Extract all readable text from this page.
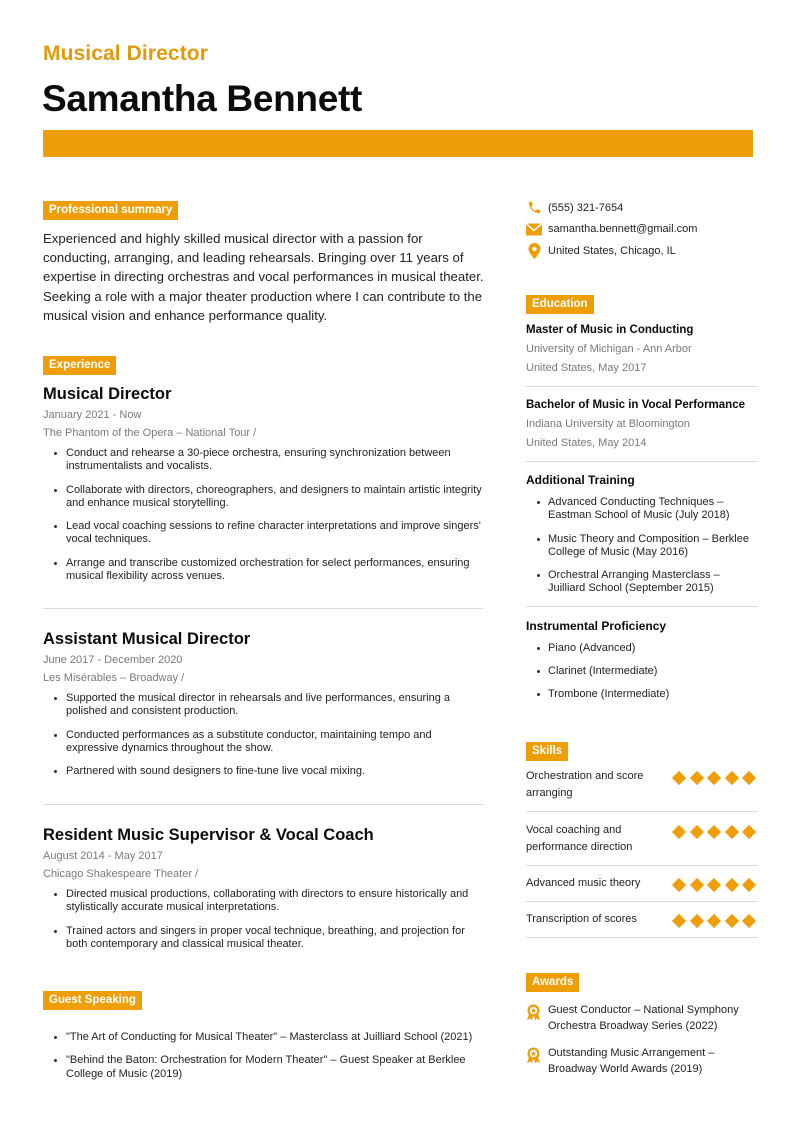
Musical Director
Samantha Bennett
Professional summary

Experienced and highly skilled musical director with a passion for conducting, arranging, and leading rehearsals. Bringing over 11 years of expertise in directing orchestras and vocal performances in musical theater. Seeking a role with a major theater production where I can contribute to the musical vision and enhance performance quality.

Experience
Musical Director
January 2021 - Now
The Phantom of the Opera – National Tour /
Conduct and rehearse a 30-piece orchestra, ensuring synchronization between instrumentalists and vocalists.
Collaborate with directors, choreographers, and designers to maintain artistic integrity and enhance musical storytelling.
Lead vocal coaching sessions to refine character interpretations and improve singers' vocal techniques.
Arrange and transcribe customized orchestration for select performances, ensuring musical flexibility across venues.
Assistant Musical Director
June 2017 - December 2020
Les Misérables – Broadway /
Supported the musical director in rehearsals and live performances, ensuring a polished and consistent production.
Conducted performances as a substitute conductor, maintaining tempo and expressive dynamics throughout the show.
Partnered with sound designers to fine-tune live vocal mixing.
Resident Music Supervisor & Vocal Coach
August 2014 - May 2017
Chicago Shakespeare Theater /
Directed musical productions, collaborating with directors to ensure historically and stylistically accurate musical interpretations.
Trained actors and singers in proper vocal technique, breathing, and projection for both contemporary and classical musical theater.
Guest Speaking
"The Art of Conducting for Musical Theater" – Masterclass at Juilliard School (2021)
"Behind the Baton: Orchestration for Modern Theater" – Guest Speaker at Berklee College of Music (2019)
(555) 321-7654
samantha.bennett@gmail.com
United States, Chicago, IL
Education
Master of Music in Conducting
University of Michigan - Ann Arbor
United States, May 2017
Bachelor of Music in Vocal Performance
Indiana University at Bloomington
United States, May 2014
Additional Training
Advanced Conducting Techniques – Eastman School of Music (July 2018)
Music Theory and Composition – Berklee College of Music (May 2016)
Orchestral Arranging Masterclass – Juilliard School (September 2015)
Instrumental Proficiency
Piano (Advanced)
Clarinet (Intermediate)
Trombone (Intermediate)
Skills
Orchestration and score arranging
Vocal coaching and performance direction
Advanced music theory
Transcription of scores
Awards
Guest Conductor – National Symphony Orchestra Broadway Series (2022)
Outstanding Music Arrangement – Broadway World Awards (2019)
